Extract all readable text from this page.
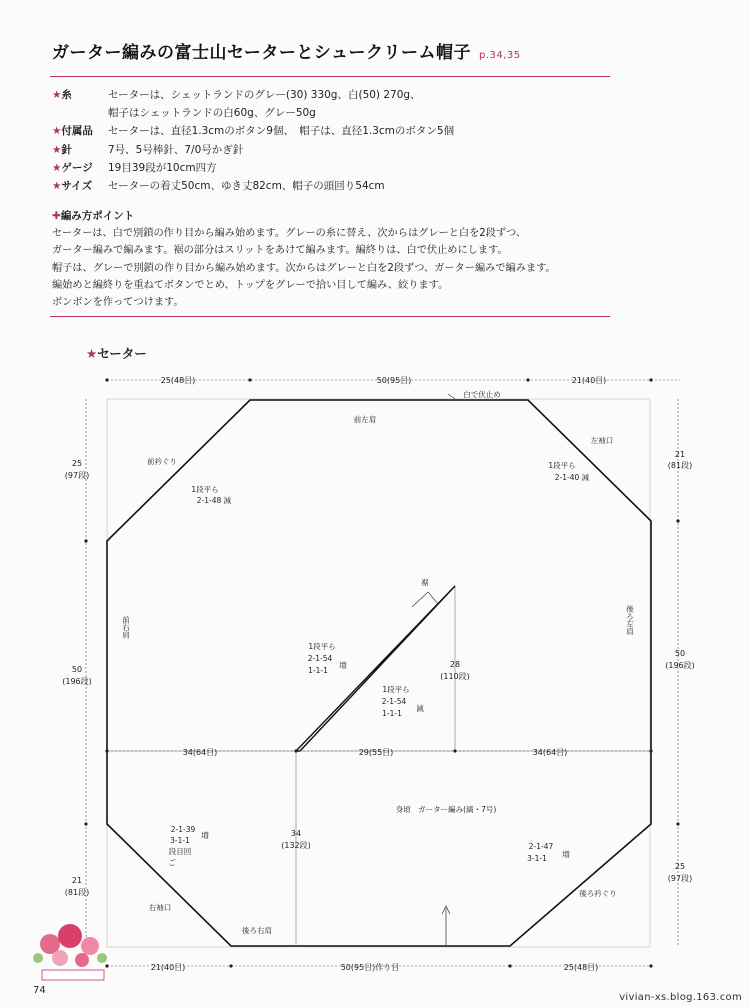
ガーター編みの富士山セーターとシュークリーム帽子 p.34,35
★糸	セーターは、シェットランドのグレー(30) 330g、白(50) 270g、
帽子はシェットランドの白60g、グレー50g
★付属品	セーターは、直径1.3cmのボタン9個、　帽子は、直径1.3cmのボタン5個
★針	7号、5号棒針、7/0号かぎ針
★ゲージ	19目39段が10cm四方
★サイズ	セーターの着丈50cm、ゆき丈82cm、帽子の頭回り54cm
✚編み方ポイント
セーターは、白で別鎖の作り目から編み始めます。グレーの糸に替え、次からはグレーと白を2段ずつ、
ガーター編みで編みます。裾の部分はスリットをあけて編みます。編終りは、白で伏止めにします。
帽子は、グレーで別鎖の作り目から編み始めます。次からはグレーと白を2段ずつ、ガーター編みで編みます。
編始めと編終りを重ねてボタンでとめ、トップをグレーで拾い目して編み、絞ります。
ボンボンを作ってつけます。
★セーター
25(48目)	50(95目)	21(40目)
白で伏止め
前左肩
前衿ぐり
1段平ら
2-1-48 減
左袖口
1段平ら
2-1-40 減
21
(81段)
25
(97段)
前右肩	後ろ左肩
裾
1段平ら
2-1-54
1-1-1
増
1段平ら
2-1-54
1-1-1
減
28
(110段)
50
(196段)
50
(196段)
34(64目)	29(55目)	34(64目)
身頃　ガーター編み(縞・7号)
2-1-39
3-1-1
段目回
ご
増	34
(132段)	2-1-47
3-1-1 増
21
(81段)
25
(97段)
後ろ衿ぐり
右袖口
後ろ右肩
21(40目)	50(95目)作り目	25(48目)
74
vivian-xs.blog.163.com
